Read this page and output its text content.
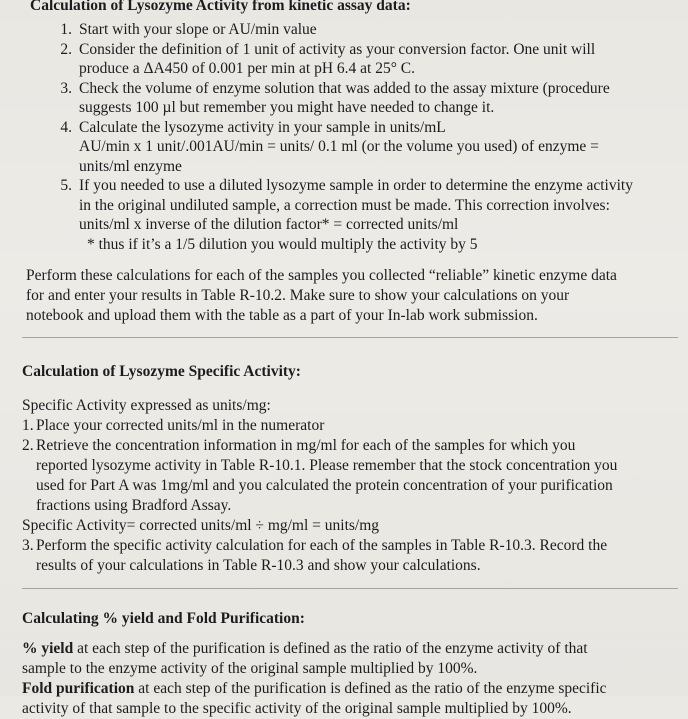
Calculation of Lysozyme Activity from kinetic assay data:

1. Start with your slope or AU/min value
2. Consider the definition of 1 unit of activity as your conversion factor. One unit will
produce a ΔA450 of 0.001 per min at pH 6.4 at 25° C.
3. Check the volume of enzyme solution that was added to the assay mixture (procedure
suggests 100 µl but remember you might have needed to change it.
4. Calculate the lysozyme activity in your sample in units/mL
AU/min x 1 unit/.001AU/min = units/ 0.1 ml (or the volume you used) of enzyme =
units/ml enzyme
5. If you needed to use a diluted lysozyme sample in order to determine the enzyme activity
in the original undiluted sample, a correction must be made. This correction involves:
units/ml x inverse of the dilution factor* = corrected units/ml
* thus if it’s a 1/5 dilution you would multiply the activity by 5
Perform these calculations for each of the samples you collected “reliable” kinetic enzyme data
for and enter your results in Table R-10.2. Make sure to show your calculations on your
notebook and upload them with the table as a part of your In-lab work submission.

Calculation of Lysozyme Specific Activity:

Specific Activity expressed as units/mg:

1. Place your corrected units/ml in the numerator
2. Retrieve the concentration information in mg/ml for each of the samples for which you
reported lysozyme activity in Table R-10.1. Please remember that the stock concentration you
used for Part A was 1mg/ml and you calculated the protein concentration of your purification
fractions using Bradford Assay.

Specific Activity= corrected units/ml ÷ mg/ml = units/mg

3. Perform the specific activity calculation for each of the samples in Table R-10.3. Record the
results of your calculations in Table R-10.3 and show your calculations.

Calculating % yield and Fold Purification:

% yield at each step of the purification is defined as the ratio of the enzyme activity of that
sample to the enzyme activity of the original sample multiplied by 100%.

Fold purification at each step of the purification is defined as the ratio of the enzyme specific
activity of that sample to the specific activity of the original sample multiplied by 100%.
